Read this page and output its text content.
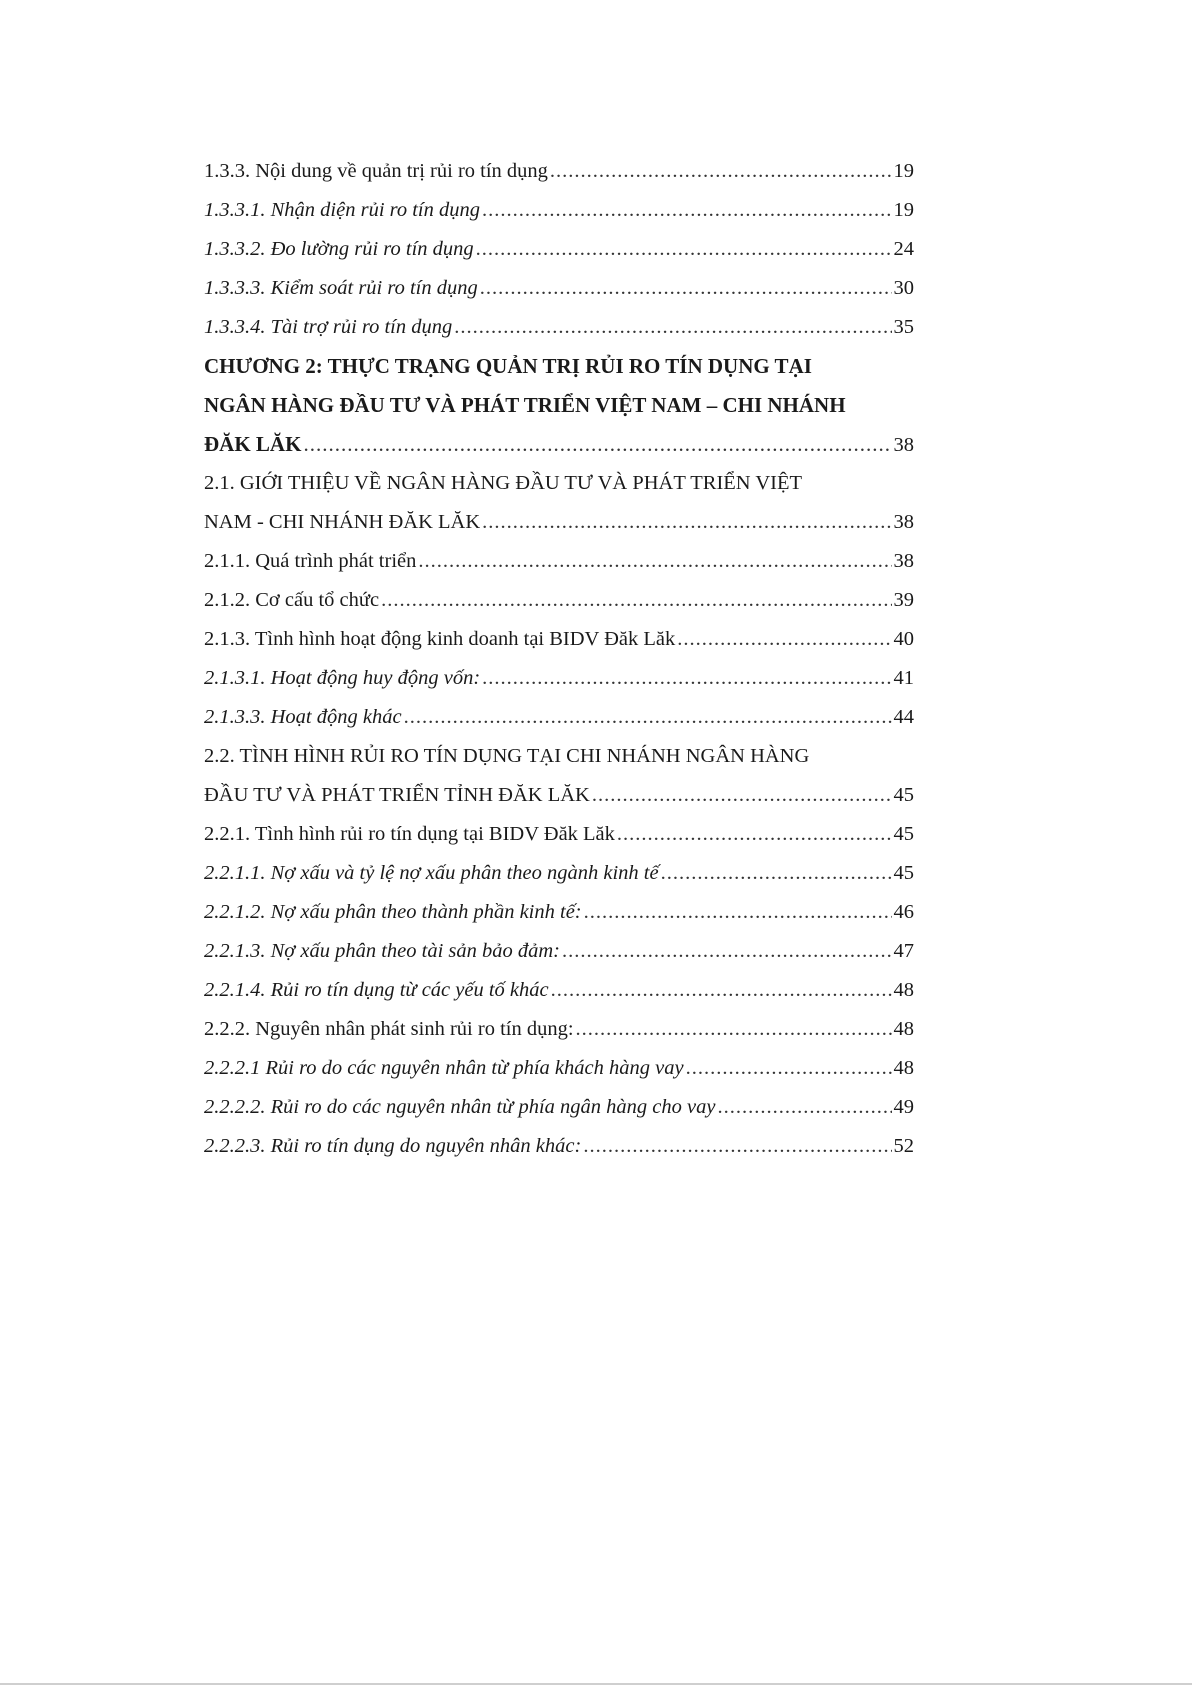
1.3.3. Nội dung về quản trị rủi ro tín dụng .....	19
1.3.3.1. Nhận diện rủi ro tín dụng .....	19
1.3.3.2. Đo lường rủi ro tín dụng .....	24
1.3.3.3. Kiểm soát rủi ro tín dụng .....	30
1.3.3.4. Tài trợ rủi ro tín dụng .....	35
CHƯƠNG 2: THỰC TRẠNG QUẢN TRỊ RỦI RO TÍN DỤNG TẠI
NGÂN HÀNG ĐẦU TƯ VÀ PHÁT TRIỂN VIỆT NAM – CHI NHÁNH
ĐĂK LĂK .....	38
2.1. GIỚI THIỆU VỀ NGÂN HÀNG ĐẦU TƯ VÀ PHÁT TRIỂN VIỆT
NAM - CHI NHÁNH ĐĂK LĂK .....	38
2.1.1. Quá trình phát triển .....	38
2.1.2. Cơ cấu tổ chức .....	39
2.1.3. Tình hình hoạt động kinh doanh tại BIDV Đăk Lăk .....	40
2.1.3.1. Hoạt động huy động vốn: .....	41
2.1.3.3. Hoạt động khác .....	44
2.2. TÌNH HÌNH RỦI RO TÍN DỤNG TẠI CHI NHÁNH NGÂN HÀNG
ĐẦU TƯ VÀ PHÁT TRIỂN TỈNH ĐĂK LĂK .....	45
2.2.1. Tình hình rủi ro tín dụng tại BIDV Đăk Lăk .....	45
2.2.1.1. Nợ xấu và tỷ lệ nợ xấu phân theo ngành kinh tế .....	45
2.2.1.2. Nợ xấu phân theo thành phần kinh tế: .....	46
2.2.1.3. Nợ xấu phân theo tài sản bảo đảm: .....	47
2.2.1.4. Rủi ro tín dụng từ các yếu tố khác .....	48
2.2.2. Nguyên nhân phát sinh rủi ro tín dụng: .....	48
2.2.2.1 Rủi ro do các nguyên nhân từ phía khách hàng vay .....	48
2.2.2.2. Rủi ro do các nguyên nhân từ phía ngân hàng cho vay .....	49
2.2.2.3. Rủi ro tín dụng do nguyên nhân khác: .....	52
